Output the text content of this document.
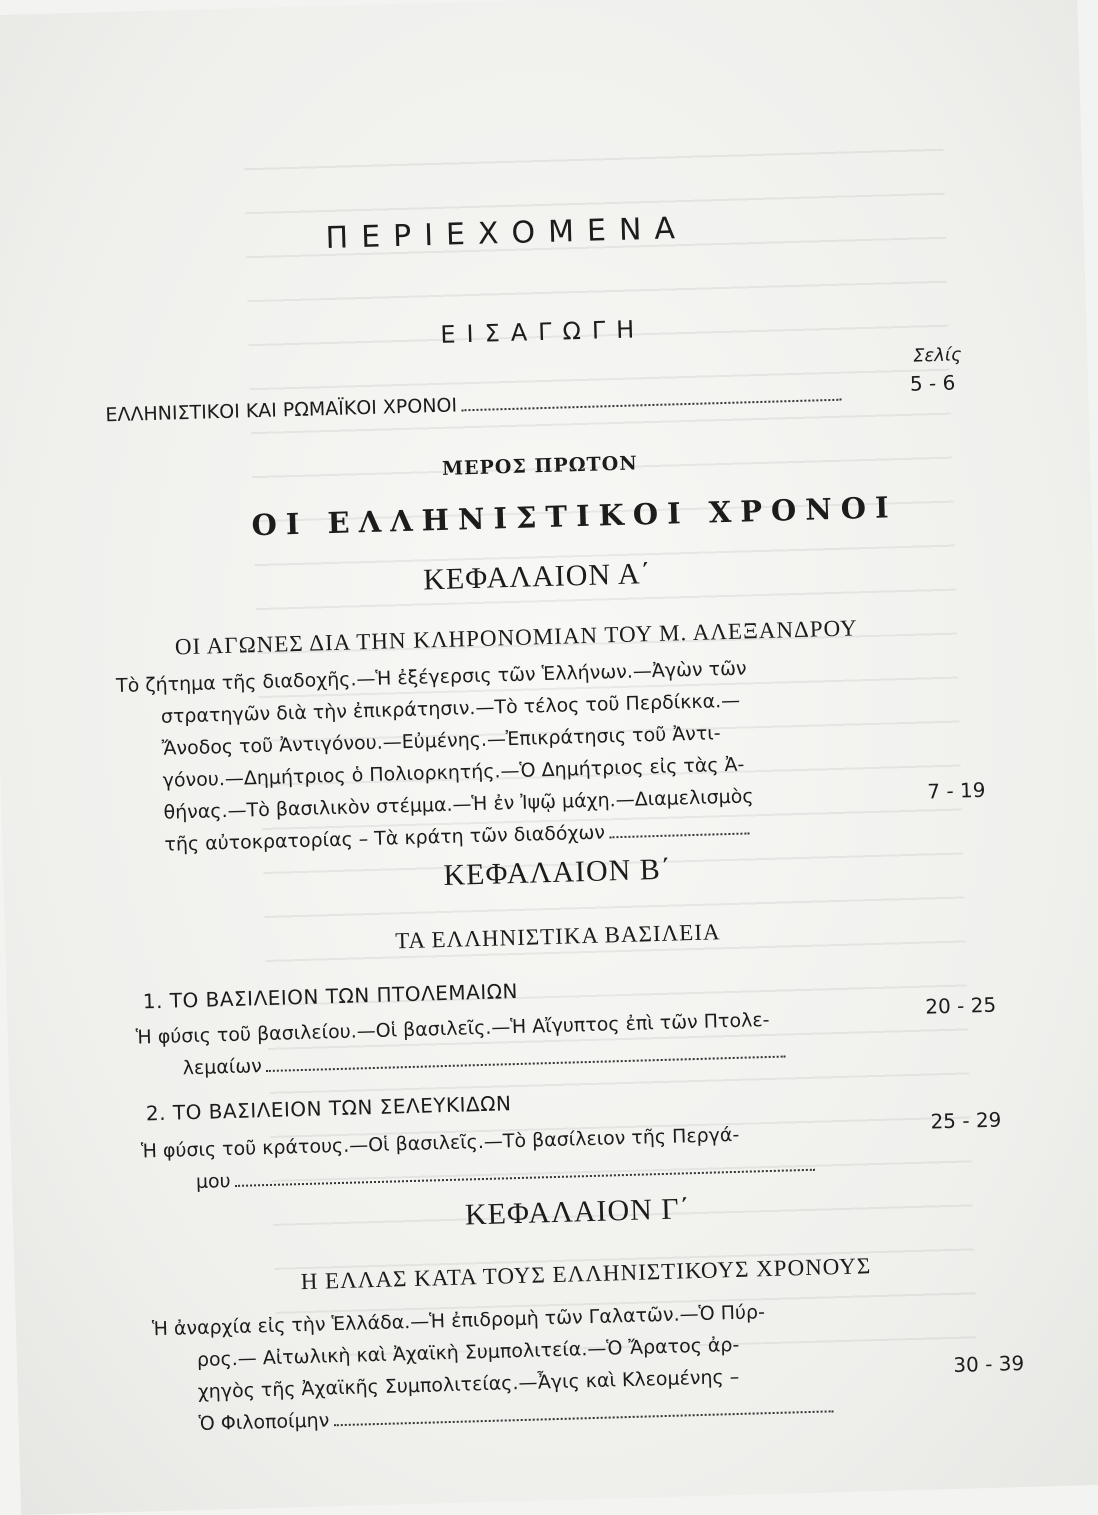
ΠΕΡΙΕΧΟΜΕΝΑ
ΕΙΣΑΓΩΓΗ
Σελίς
ΕΛΛΗΝΙΣΤΙΚΟΙ ΚΑΙ ΡΩΜΑΪΚΟΙ ΧΡΟΝΟΙ
5 - 6
ΜΕΡΟΣ ΠΡΩΤΟΝ
ΟΙ ΕΛΛΗΝΙΣΤΙΚΟΙ ΧΡΟΝΟΙ
ΚΕΦΑΛΑΙΟΝ Α΄
ΟΙ ΑΓΩΝΕΣ ΔΙΑ ΤΗΝ ΚΛΗΡΟΝΟΜΙΑΝ ΤΟΥ Μ. ΑΛΕΞΑΝΔΡΟΥ
Τὸ ζήτημα τῆς διαδοχῆς.—Ἡ ἐξέγερσις τῶν Ἑλλήνων.—Ἀγὼν τῶν
στρατηγῶν διὰ τὴν ἐπικράτησιν.—Τὸ τέλος τοῦ Περδίκκα.—
Ἄνοδος τοῦ Ἀντιγόνου.—Εὐμένης.—Ἐπικράτησις τοῦ Ἀντι-
γόνου.—Δημήτριος ὁ Πολιορκητής.—Ὁ Δημήτριος εἰς τὰς Ἀ-
θήνας.—Τὸ βασιλικὸν στέμμα.—Ἡ ἐν Ἰψῷ μάχη.—Διαμελισμὸς
τῆς αὐτοκρατορίας – Τὰ κράτη τῶν διαδόχων
7 - 19
ΚΕΦΑΛΑΙΟΝ Β΄
ΤΑ ΕΛΛΗΝΙΣΤΙΚΑ ΒΑΣΙΛΕΙΑ
1. ΤΟ ΒΑΣΙΛΕΙΟΝ ΤΩΝ ΠΤΟΛΕΜΑΙΩΝ
Ἡ φύσις τοῦ βασιλείου.—Οἱ βασιλεῖς.—Ἡ Αἴγυπτος ἐπὶ τῶν Πτολε-
λεμαίων
20 - 25
2. ΤΟ ΒΑΣΙΛΕΙΟΝ ΤΩΝ ΣΕΛΕΥΚΙΔΩΝ
Ἡ φύσις τοῦ κράτους.—Οἱ βασιλεῖς.—Τὸ βασίλειον τῆς Περγά-
μου
25 - 29
ΚΕΦΑΛΑΙΟΝ Γ΄
Η ΕΛΛΑΣ ΚΑΤΑ ΤΟΥΣ ΕΛΛΗΝΙΣΤΙΚΟΥΣ ΧΡΟΝΟΥΣ
Ἡ ἀναρχία εἰς τὴν Ἑλλάδα.—Ἡ ἐπιδρομὴ τῶν Γαλατῶν.—Ὁ Πύρ-
ρος.— Αἰτωλικὴ καὶ Ἀχαϊκὴ Συμπολιτεία.—Ὁ Ἄρατος ἀρ-
χηγὸς τῆς Ἀχαϊκῆς Συμπολιτείας.—Ἆγις καὶ Κλεομένης –
Ὁ Φιλοποίμην
30 - 39
